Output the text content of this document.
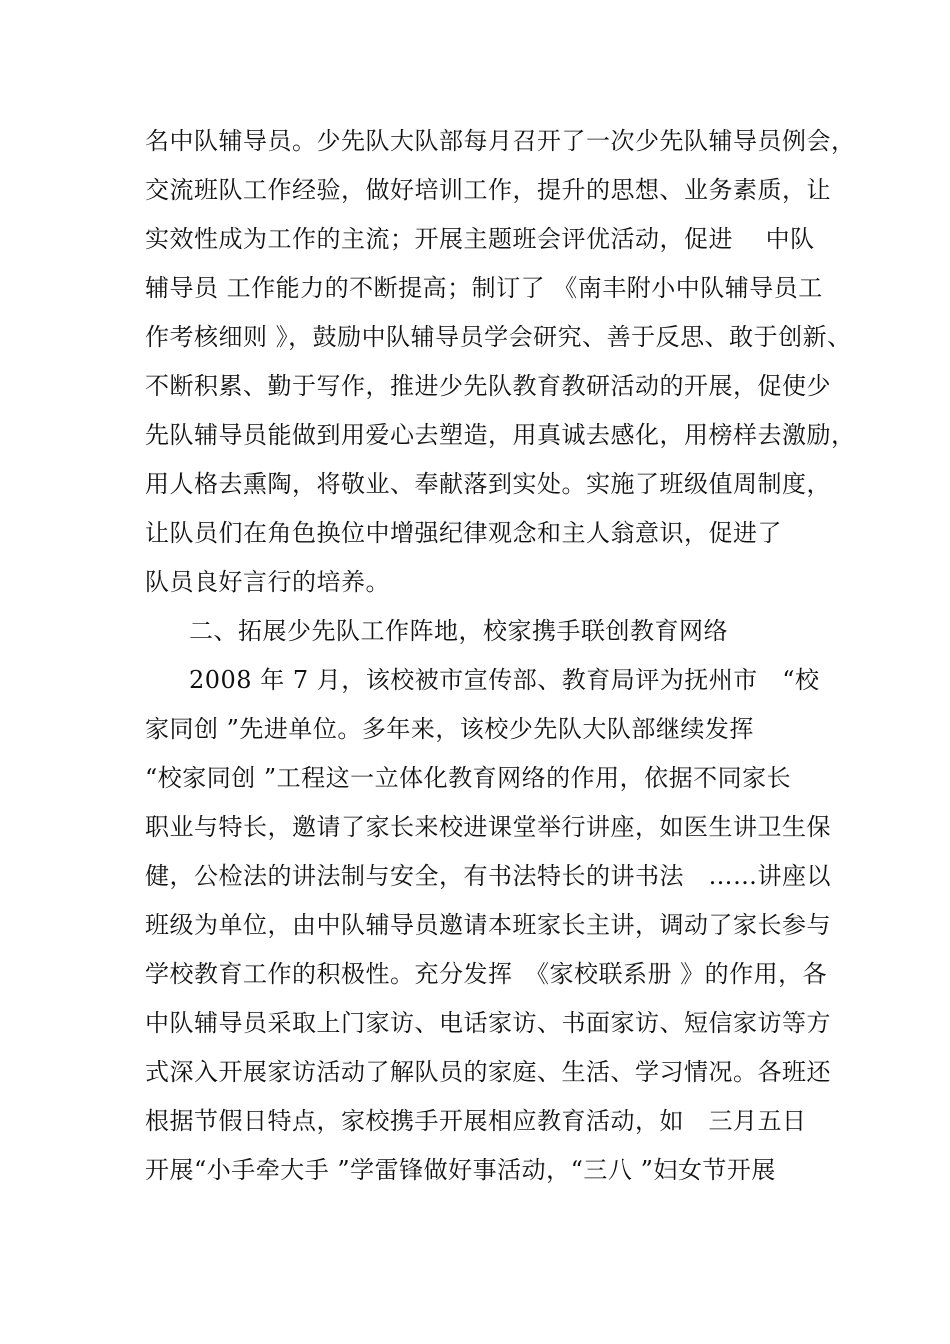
名中队辅导员。少先队大队部每月召开了一次少先队辅导员例会，
交流班队工作经验，做好培训工作，提升的思想、业务素质，让
实效性成为工作的主流；开展主题班会评优活动，促进　 中队
辅导员 工作能力的不断提高；制订了 《南丰附小中队辅导员工
作考核细则 》，鼓励中队辅导员学会研究、善于反思、敢于创新、
不断积累、勤于写作，推进少先队教育教研活动的开展，促使少
先队辅导员能做到用爱心去塑造，用真诚去感化，用榜样去激励，
用人格去熏陶，将敬业、奉献落到实处。实施了班级值周制度，
让队员们在角色换位中增强纪律观念和主人翁意识，促进了
队员良好言行的培养。
二、拓展少先队工作阵地，校家携手联创教育网络
2008 年 7 月，该校被市宣传部、教育局评为抚州市　“校
家同创 ”先进单位。多年来，该校少先队大队部继续发挥
“校家同创 ”工程这一立体化教育网络的作用，依据不同家长
职业与特长，邀请了家长来校进课堂举行讲座，如医生讲卫生保
健，公检法的讲法制与安全，有书法特长的讲书法　……讲座以
班级为单位，由中队辅导员邀请本班家长主讲，调动了家长参与
学校教育工作的积极性。充分发挥　《家校联系册 》的作用，各
中队辅导员采取上门家访、电话家访、书面家访、短信家访等方
式深入开展家访活动了解队员的家庭、生活、学习情况。各班还
根据节假日特点，家校携手开展相应教育活动，如　三月五日
开展“小手牵大手 ”学雷锋做好事活动，“三八 ”妇女节开展
